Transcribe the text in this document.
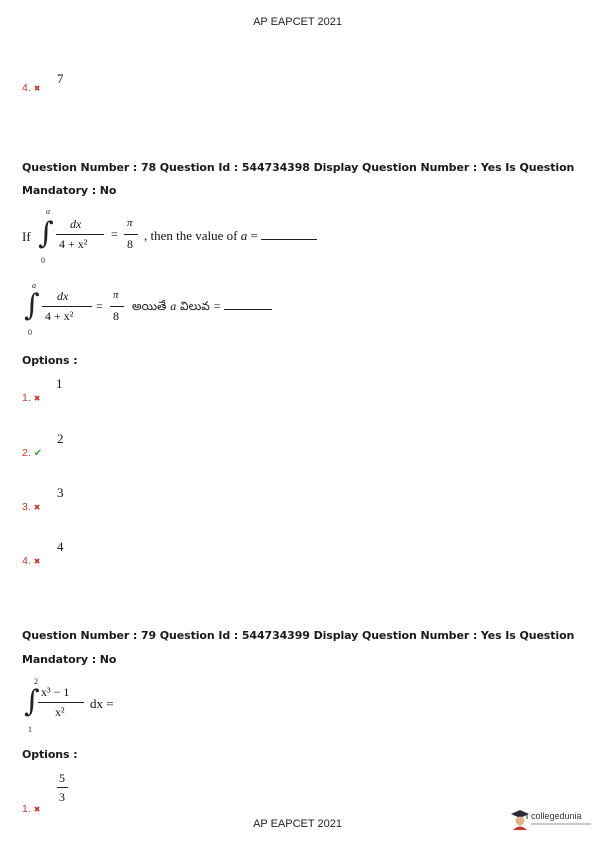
AP EAPCET 2021
4. ✖
7
Question Number : 78 Question Id : 544734398 Display Question Number : Yes Is Question
Mandatory : No
If
a
∫
0
dx
4 + x²
=
π
8
, then the value of a =
a
∫
0
dx
4 + x²
=
π
8
అయితే a విలువ =
Options :
1. ✖
1
2. ✔
2
3. ✖
3
4. ✖
4
Question Number : 79 Question Id : 544734399 Display Question Number : Yes Is Question
Mandatory : No
2
∫
1
x³ − 1
x²
dx =
Options :
1. ✖
5
3
AP EAPCET 2021
collegedunia
